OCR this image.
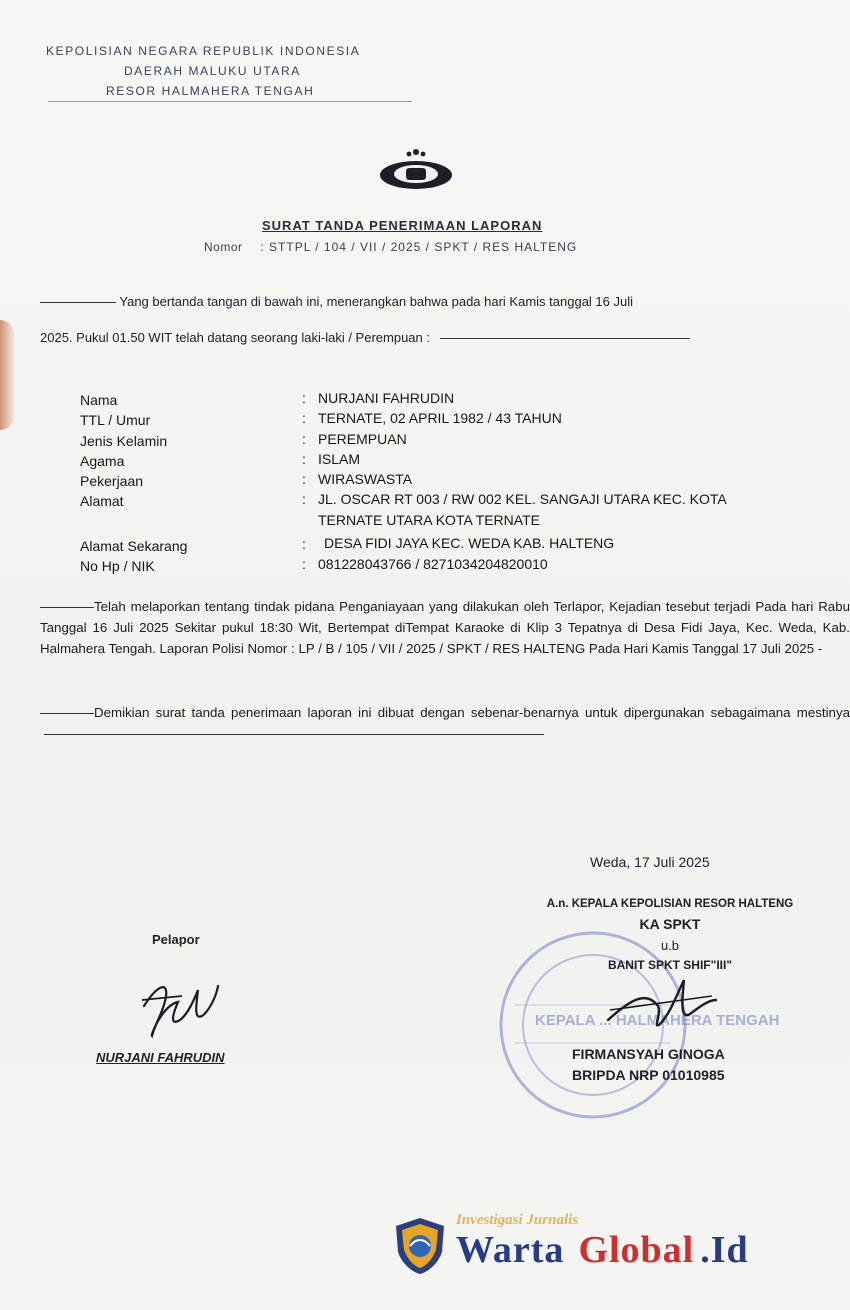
KEPOLISIAN NEGARA REPUBLIK INDONESIA
DAERAH MALUKU UTARA
RESOR HALMAHERA TENGAH
SURAT TANDA PENERIMAAN LAPORAN
Nomor : STTPL / 104 / VII / 2025 / SPKT / RES HALTENG
Yang bertanda tangan di bawah ini, menerangkan bahwa pada hari Kamis tanggal 16 Juli
2025. Pukul 01.50 WIT telah datang seorang laki-laki / Perempuan :
Nama	: NURJANI FAHRUDIN
TTL / Umur	: TERNATE, 02 APRIL 1982 / 43 TAHUN
Jenis Kelamin	: PEREMPUAN
Agama	: ISLAM
Pekerjaan	: WIRASWASTA
Alamat	: JL. OSCAR RT 003 / RW 002 KEL. SANGAJI UTARA KEC. KOTA
TERNATE UTARA KOTA TERNATE
Alamat Sekarang	: DESA FIDI JAYA KEC. WEDA KAB. HALTENG
No Hp / NIK	: 081228043766 / 8271034204820010
Telah melaporkan tentang tindak pidana Penganiayaan yang dilakukan oleh Terlapor, Kejadian tesebut terjadi Pada hari Rabu Tanggal 16 Juli 2025 Sekitar pukul 18:30 Wit, Bertempat diTempat Karaoke di Klip 3 Tepatnya di Desa Fidi Jaya, Kec. Weda, Kab. Halmahera Tengah. Laporan Polisi Nomor : LP / B / 105 / VII / 2025 / SPKT / RES HALTENG Pada Hari Kamis Tanggal 17 Juli 2025 -
Demikian surat tanda penerimaan laporan ini dibuat dengan sebenar-benarnya untuk dipergunakan sebagaimana mestinya
Weda, 17 Juli 2025
Pelapor
NURJANI FAHRUDIN
KEPALA ... HALMAHERA TENGAH
A.n. KEPALA KEPOLISIAN RESOR HALTENG
KA SPKT
u.b
BANIT SPKT SHIF"III"
FIRMANSYAH GINOGA
BRIPDA NRP 01010985
Investigasi Jurnalis
Warta Global .Id
